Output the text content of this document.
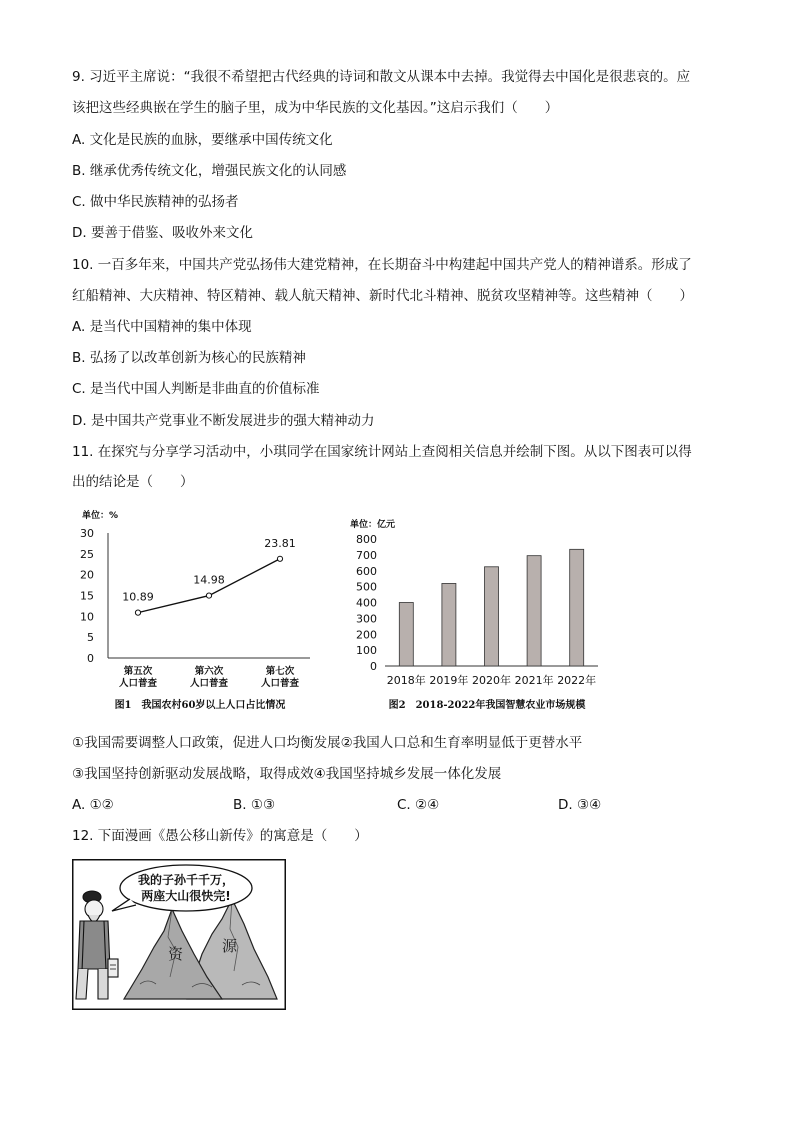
9. 习近平主席说：“我很不希望把古代经典的诗词和散文从课本中去掉。我觉得去中国化是很悲哀的。应
该把这些经典嵌在学生的脑子里，成为中华民族的文化基因。”这启示我们（　　）
A. 文化是民族的血脉，要继承中国传统文化
B. 继承优秀传统文化，增强民族文化的认同感
C. 做中华民族精神的弘扬者
D. 要善于借鉴、吸收外来文化
10. 一百多年来，中国共产党弘扬伟大建党精神，在长期奋斗中构建起中国共产党人的精神谱系。形成了
红船精神、大庆精神、特区精神、载人航天精神、新时代北斗精神、脱贫攻坚精神等。这些精神（　　）
A. 是当代中国精神的集中体现
B. 弘扬了以改革创新为核心的民族精神
C. 是当代中国人判断是非曲直的价值标准
D. 是中国共产党事业不断发展进步的强大精神动力
11. 在探究与分享学习活动中，小琪同学在国家统计网站上查阅相关信息并绘制下图。从以下图表可以得
出的结论是（　　）
单位：%
0
5
10
15
20
25
30
第五次
人口普查
第六次
人口普查
第七次
人口普查
10.89
14.98
23.81
图1　我国农村60岁以上人口占比情况
单位：亿元
0
100
200
300
400
500
600
700
800
2018年 2019年 2020年 2021年 2022年
图2　2018-2022年我国智慧农业市场规模
①我国需要调整人口政策，促进人口均衡发展②我国人口总和生育率明显低于更替水平
③我国坚持创新驱动发展战略，取得成效④我国坚持城乡发展一体化发展
A. ①②	B. ①③	C. ②④	D. ③④
12. 下面漫画《愚公移山新传》的寓意是（　　）
资	源
我的子孙千千万，
两座大山很快完!
